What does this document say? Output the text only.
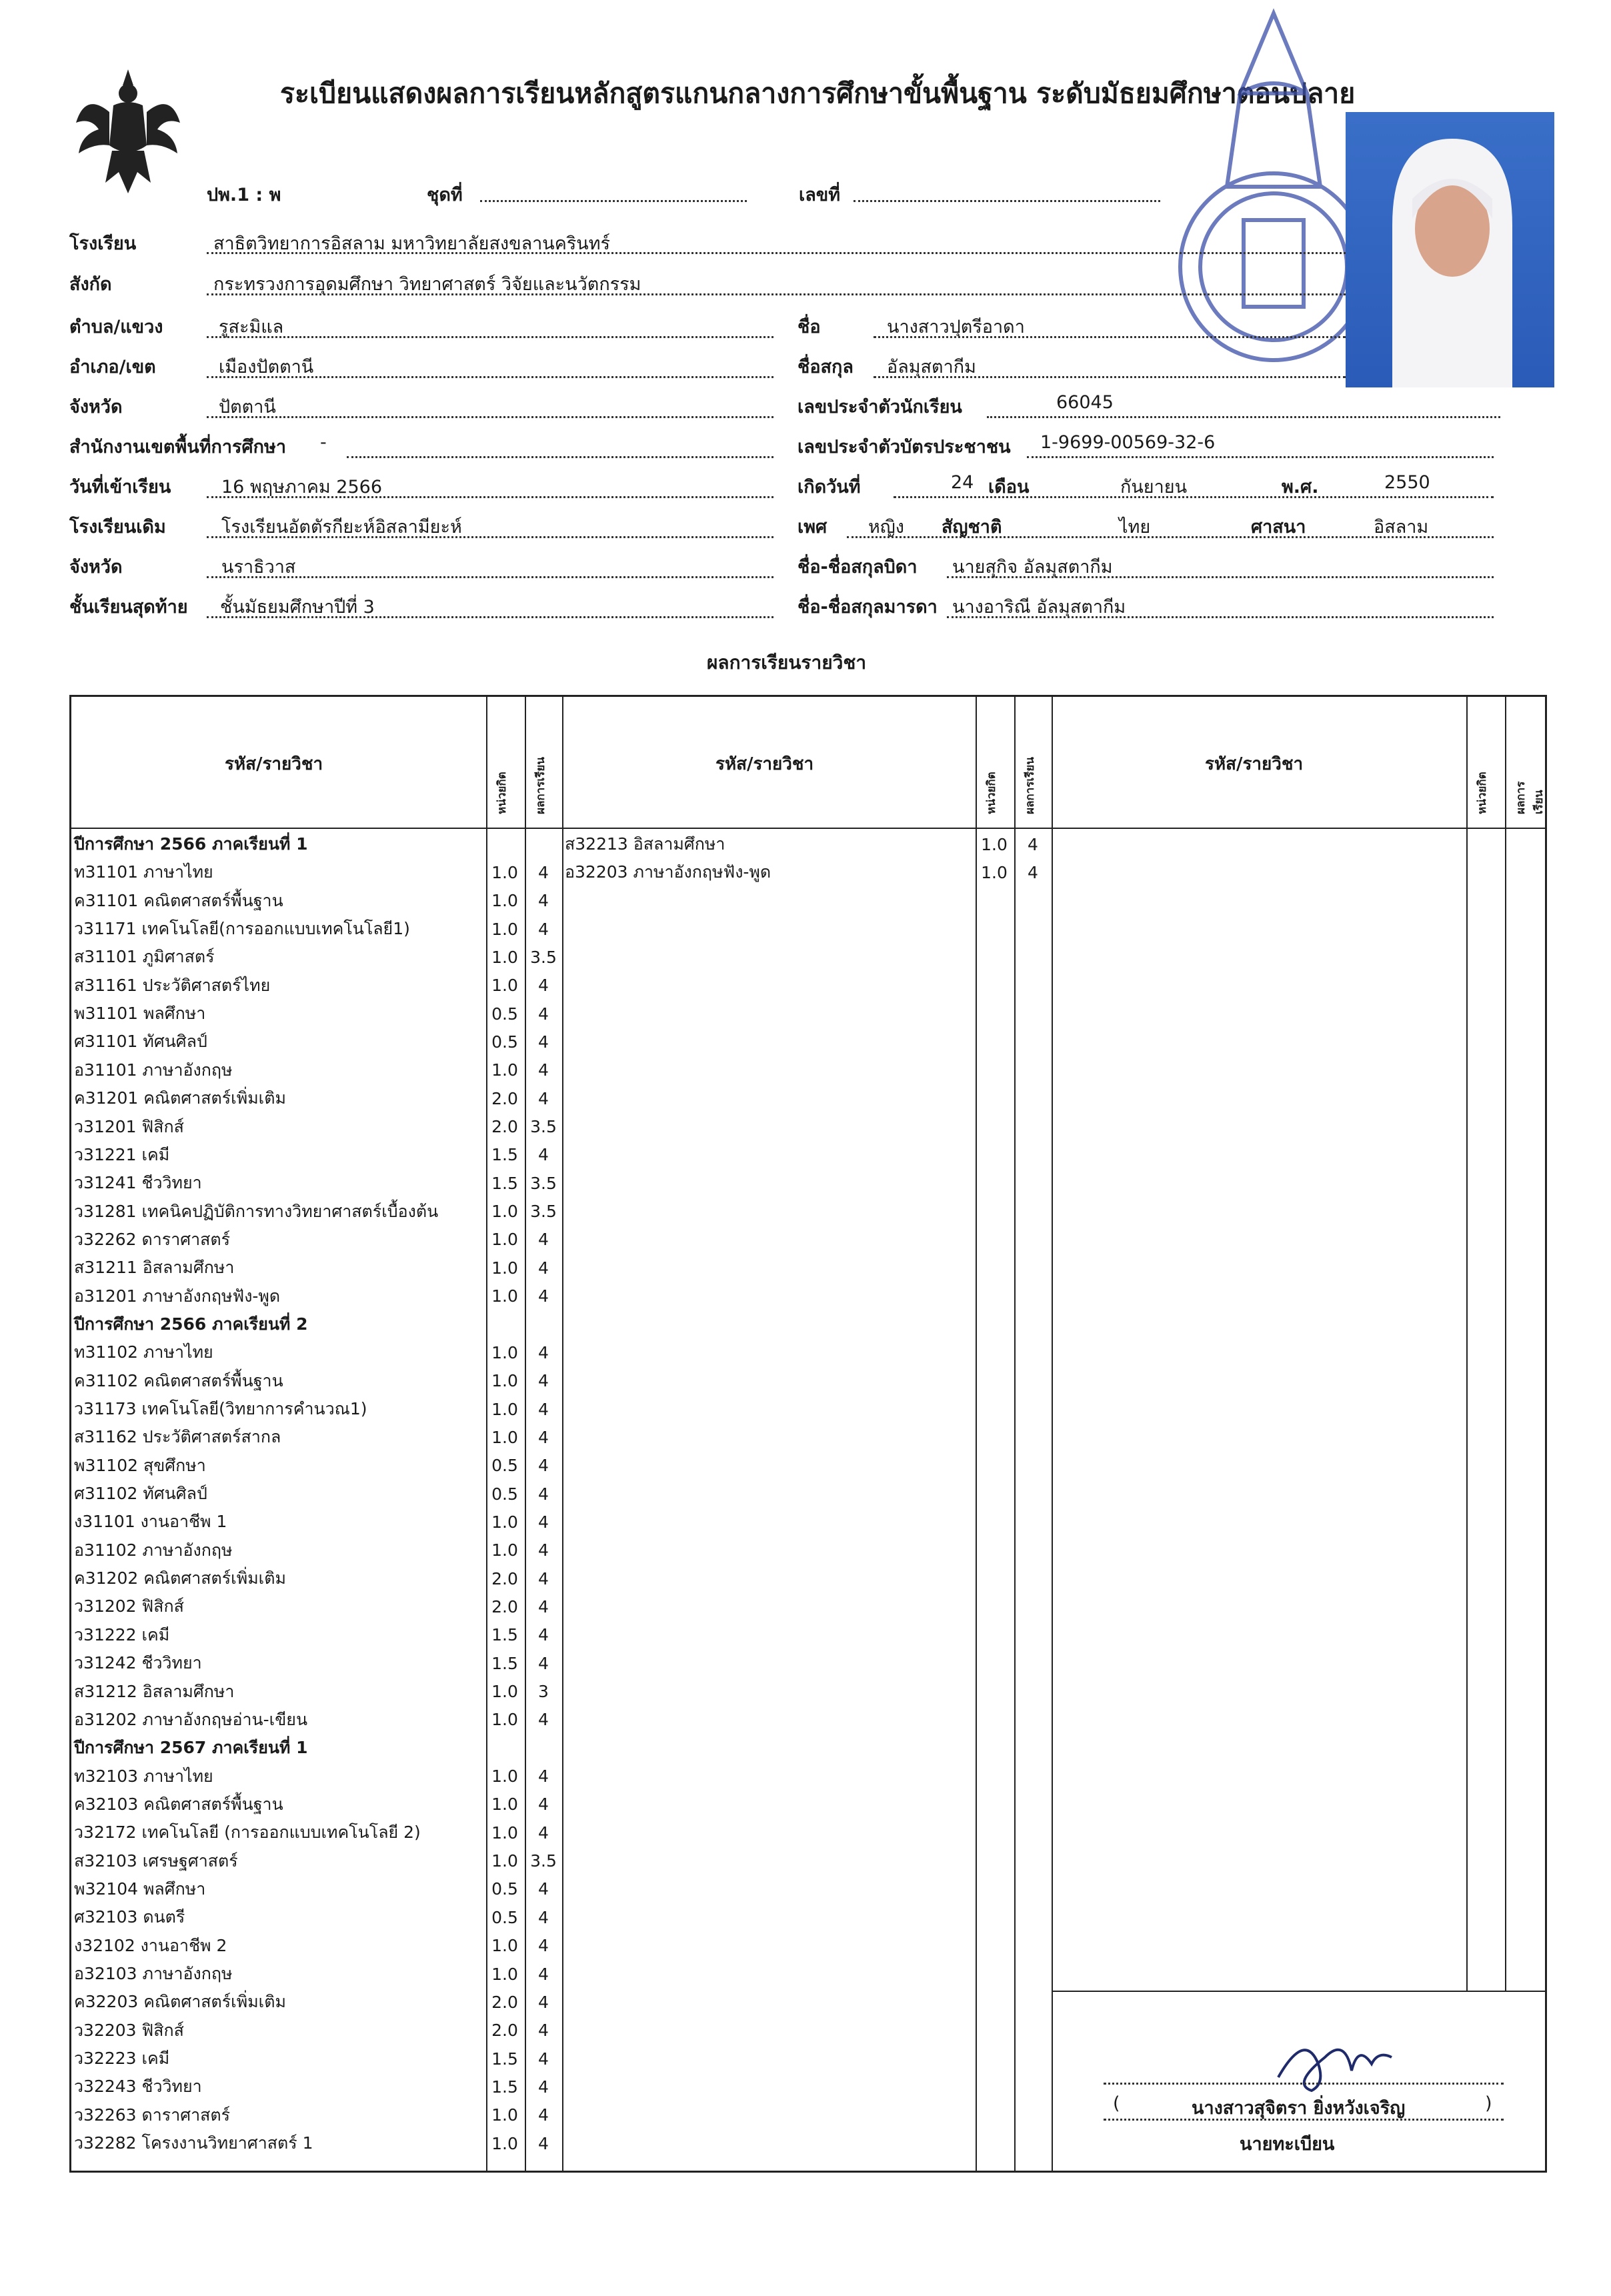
ระเบียนแสดงผลการเรียนหลักสูตรแกนกลางการศึกษาขั้นพื้นฐาน ระดับมัธยมศึกษาตอนปลาย
ปพ.1 : พ	ชุดที่	เลขที่
โรงเรียน	สาธิตวิทยาการอิสลาม มหาวิทยาลัยสงขลานครินทร์
สังกัด	กระทรวงการอุดมศึกษา วิทยาศาสตร์ วิจัยและนวัตกรรม
ตำบล/แขวง	รูสะมิแล
อำเภอ/เขต	เมืองปัตตานี
จังหวัด	ปัตตานี
สำนักงานเขตพื้นที่การศึกษา -
วันที่เข้าเรียน	16 พฤษภาคม 2566
โรงเรียนเดิม	โรงเรียนอัตตัรกียะห์อิสลามียะห์
จังหวัด	นราธิวาส
ชั้นเรียนสุดท้าย ชั้นมัธยมศึกษาปีที่ 3
ชื่อ	นางสาวปุตรีอาดา
ชื่อสกุล อัลมุสตากีม
เลขประจำตัวนักเรียน	66045
เลขประจำตัวบัตรประชาชน 1-9699-00569-32-6
เกิดวันที่	24 เดือน	กันยายน	พ.ศ.	2550
เพศ หญิง สัญชาติ	ไทย	ศาสนา	อิสลาม
ชื่อ-ชื่อสกุลบิดา นายสุกิจ อัลมุสตากีม
ชื่อ-ชื่อสกุลมารดา นางอาริณี อัลมุสตากีม
ผลการเรียนรายวิชา
รหัส/รายวิชา
หน่วยกิต ผลการเรียน	รหัส/รายวิชา
หน่วยกิต ผลการเรียน	รหัส/รายวิชา
หน่วยกิต ผลการเรียน
ปีการศึกษา 2566 ภาคเรียนที่ 1
ท31101 ภาษาไทย	1.0	4
ค31101 คณิตศาสตร์พื้นฐาน	1.0	4
ว31171 เทคโนโลยี(การออกแบบเทคโนโลยี1)	1.0	4
ส31101 ภูมิศาสตร์	1.0 3.5
ส31161 ประวัติศาสตร์ไทย	1.0	4
พ31101 พลศึกษา	0.5	4
ศ31101 ทัศนศิลป์	0.5	4
อ31101 ภาษาอังกฤษ	1.0	4
ค31201 คณิตศาสตร์เพิ่มเติม	2.0	4
ว31201 ฟิสิกส์	2.0 3.5
ว31221 เคมี	1.5	4
ว31241 ชีววิทยา	1.5 3.5
ว31281 เทคนิคปฏิบัติการทางวิทยาศาสตร์เบื้องต้น	1.0 3.5
ว32262 ดาราศาสตร์	1.0	4
ส31211 อิสลามศึกษา	1.0	4
อ31201 ภาษาอังกฤษฟัง-พูด	1.0	4
ปีการศึกษา 2566 ภาคเรียนที่ 2
ท31102 ภาษาไทย	1.0	4
ค31102 คณิตศาสตร์พื้นฐาน	1.0	4
ว31173 เทคโนโลยี(วิทยาการคำนวณ1)	1.0	4
ส31162 ประวัติศาสตร์สากล	1.0	4
พ31102 สุขศึกษา	0.5	4
ศ31102 ทัศนศิลป์	0.5	4
ง31101 งานอาชีพ 1	1.0	4
อ31102 ภาษาอังกฤษ	1.0	4
ค31202 คณิตศาสตร์เพิ่มเติม	2.0	4
ว31202 ฟิสิกส์	2.0	4
ว31222 เคมี	1.5	4
ว31242 ชีววิทยา	1.5	4
ส31212 อิสลามศึกษา	1.0	3
อ31202 ภาษาอังกฤษอ่าน-เขียน	1.0	4
ปีการศึกษา 2567 ภาคเรียนที่ 1
ท32103 ภาษาไทย	1.0	4
ค32103 คณิตศาสตร์พื้นฐาน	1.0	4
ว32172 เทคโนโลยี (การออกแบบเทคโนโลยี 2)	1.0	4
ส32103 เศรษฐศาสตร์	1.0 3.5
พ32104 พลศึกษา	0.5	4
ศ32103 ดนตรี	0.5	4
ง32102 งานอาชีพ 2	1.0	4
อ32103 ภาษาอังกฤษ	1.0	4
ค32203 คณิตศาสตร์เพิ่มเติม	2.0	4
ว32203 ฟิสิกส์	2.0	4
ว32223 เคมี	1.5	4
ว32243 ชีววิทยา	1.5	4
ว32263 ดาราศาสตร์	1.0	4
ว32282 โครงงานวิทยาศาสตร์ 1	1.0	4
ส32213 อิสลามศึกษา	1.0	4
อ32203 ภาษาอังกฤษฟัง-พูด	1.0	4
(	นางสาวสุจิตรา ยิ่งหวังเจริญ	)
นายทะเบียน
